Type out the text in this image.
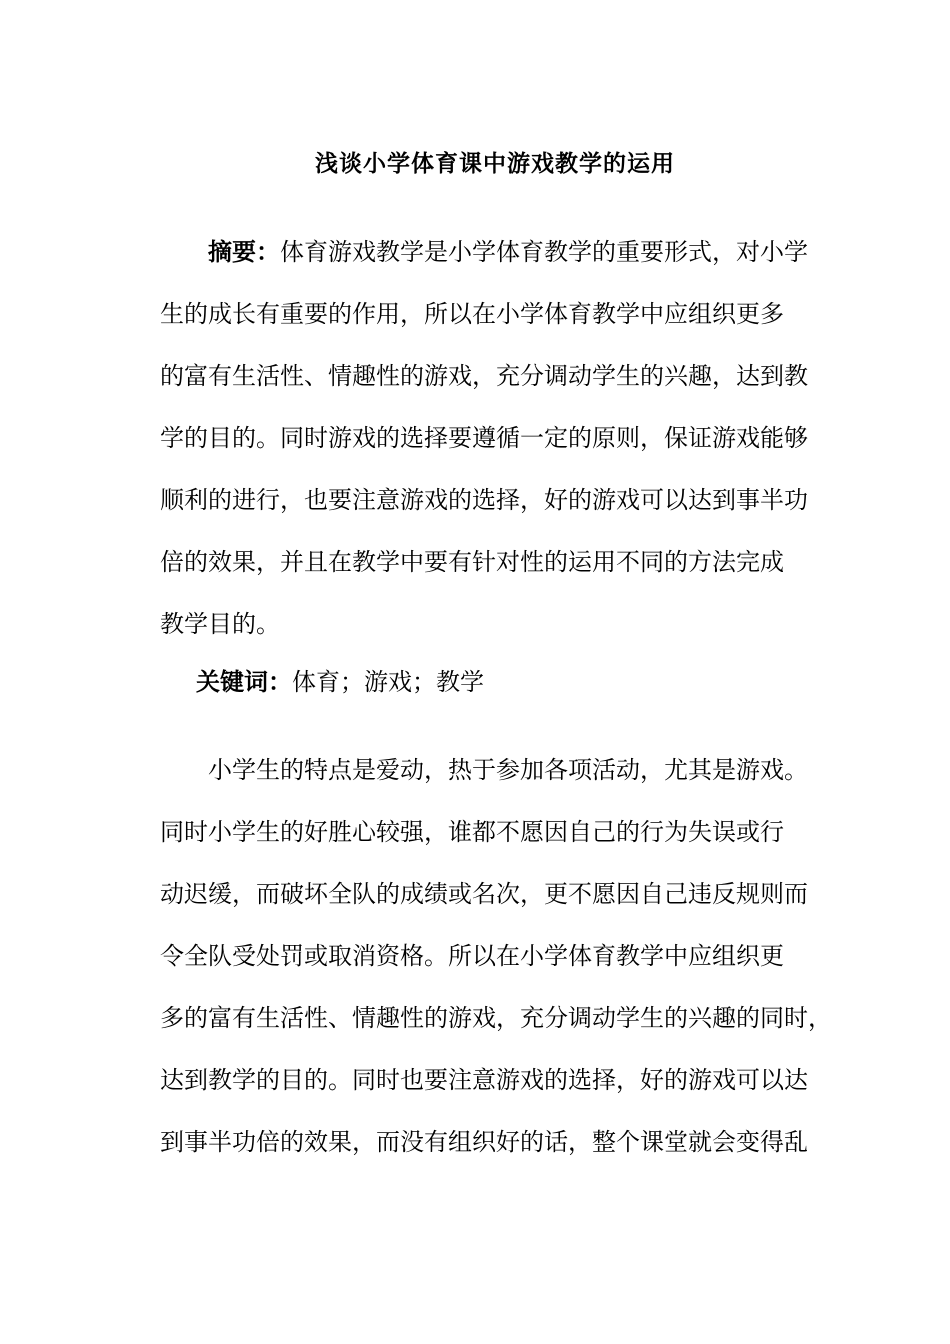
浅谈小学体育课中游戏教学的运用
摘要：体育游戏教学是小学体育教学的重要形式，对小学
生的成长有重要的作用，所以在小学体育教学中应组织更多
的富有生活性、情趣性的游戏，充分调动学生的兴趣，达到教
学的目的。同时游戏的选择要遵循一定的原则，保证游戏能够
顺利的进行，也要注意游戏的选择，好的游戏可以达到事半功
倍的效果，并且在教学中要有针对性的运用不同的方法完成
教学目的。
关键词：体育；游戏；教学
小学生的特点是爱动，热于参加各项活动，尤其是游戏。
同时小学生的好胜心较强，谁都不愿因自己的行为失误或行
动迟缓，而破坏全队的成绩或名次，更不愿因自己违反规则而
令全队受处罚或取消资格。所以在小学体育教学中应组织更
多的富有生活性、情趣性的游戏，充分调动学生的兴趣的同时，
达到教学的目的。同时也要注意游戏的选择，好的游戏可以达
到事半功倍的效果，而没有组织好的话，整个课堂就会变得乱
